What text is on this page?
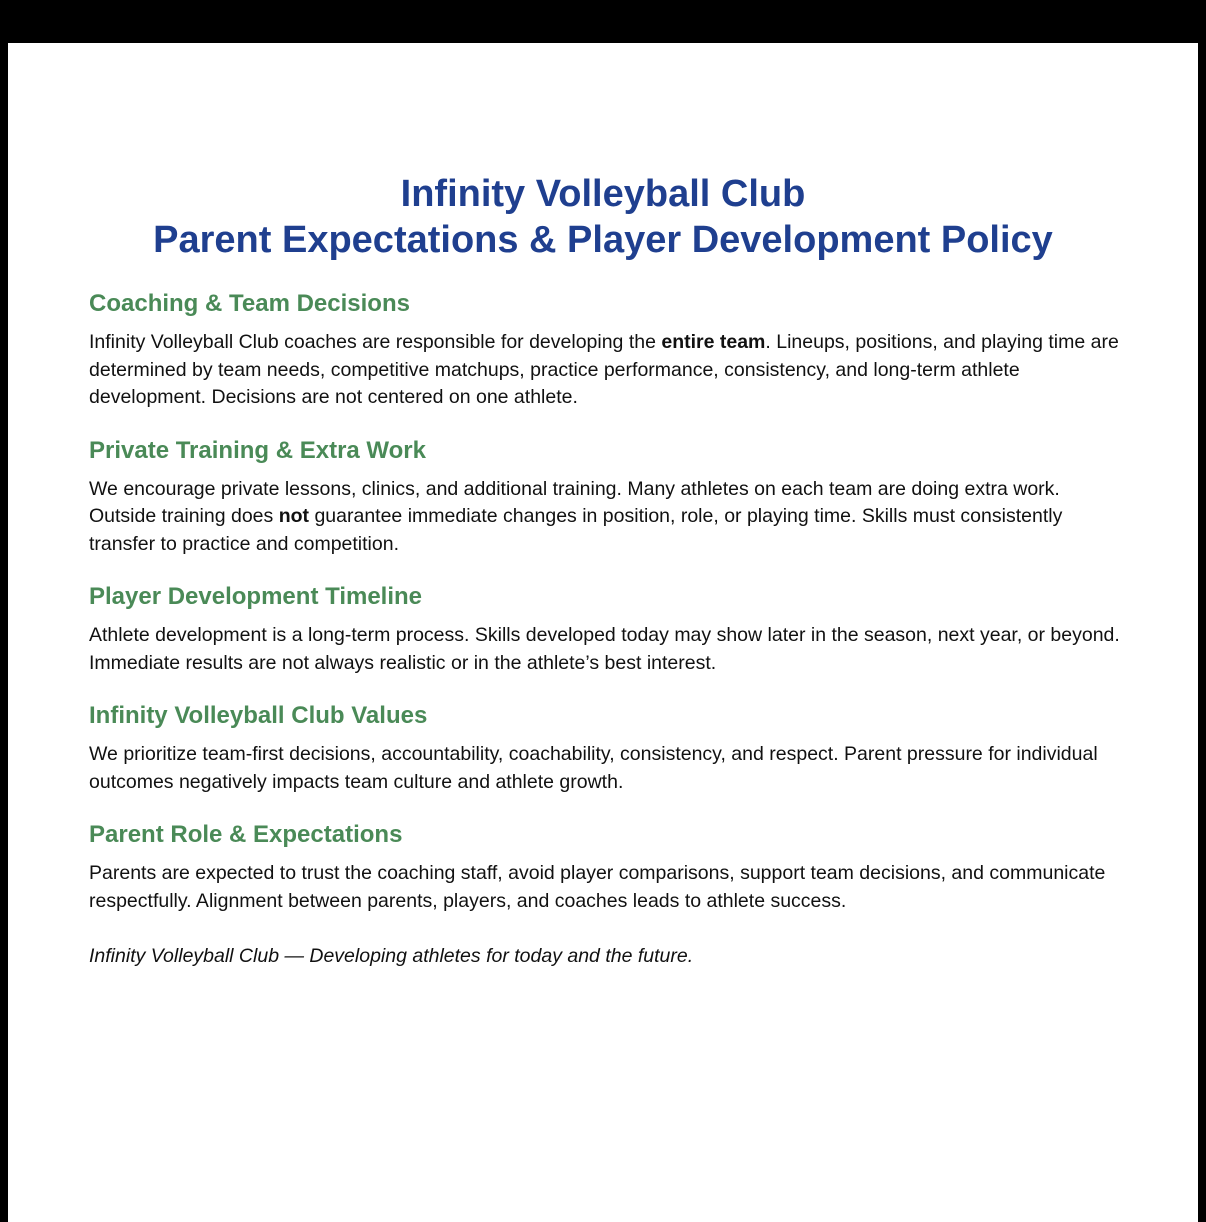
Infinity Volleyball Club
Parent Expectations & Player Development Policy
Coaching & Team Decisions

Infinity Volleyball Club coaches are responsible for developing the entire team. Lineups, positions, and playing time are determined by team needs, competitive matchups, practice performance, consistency, and long-term athlete development. Decisions are not centered on one athlete.

Private Training & Extra Work

We encourage private lessons, clinics, and additional training. Many athletes on each team are doing extra work. Outside training does not guarantee immediate changes in position, role, or playing time. Skills must consistently transfer to practice and competition.

Player Development Timeline

Athlete development is a long-term process. Skills developed today may show later in the season, next year, or beyond. Immediate results are not always realistic or in the athlete’s best interest.

Infinity Volleyball Club Values

We prioritize team-first decisions, accountability, coachability, consistency, and respect. Parent pressure for individual outcomes negatively impacts team culture and athlete growth.

Parent Role & Expectations

Parents are expected to trust the coaching staff, avoid player comparisons, support team decisions, and communicate respectfully. Alignment between parents, players, and coaches leads to athlete success.

Infinity Volleyball Club — Developing athletes for today and the future.
